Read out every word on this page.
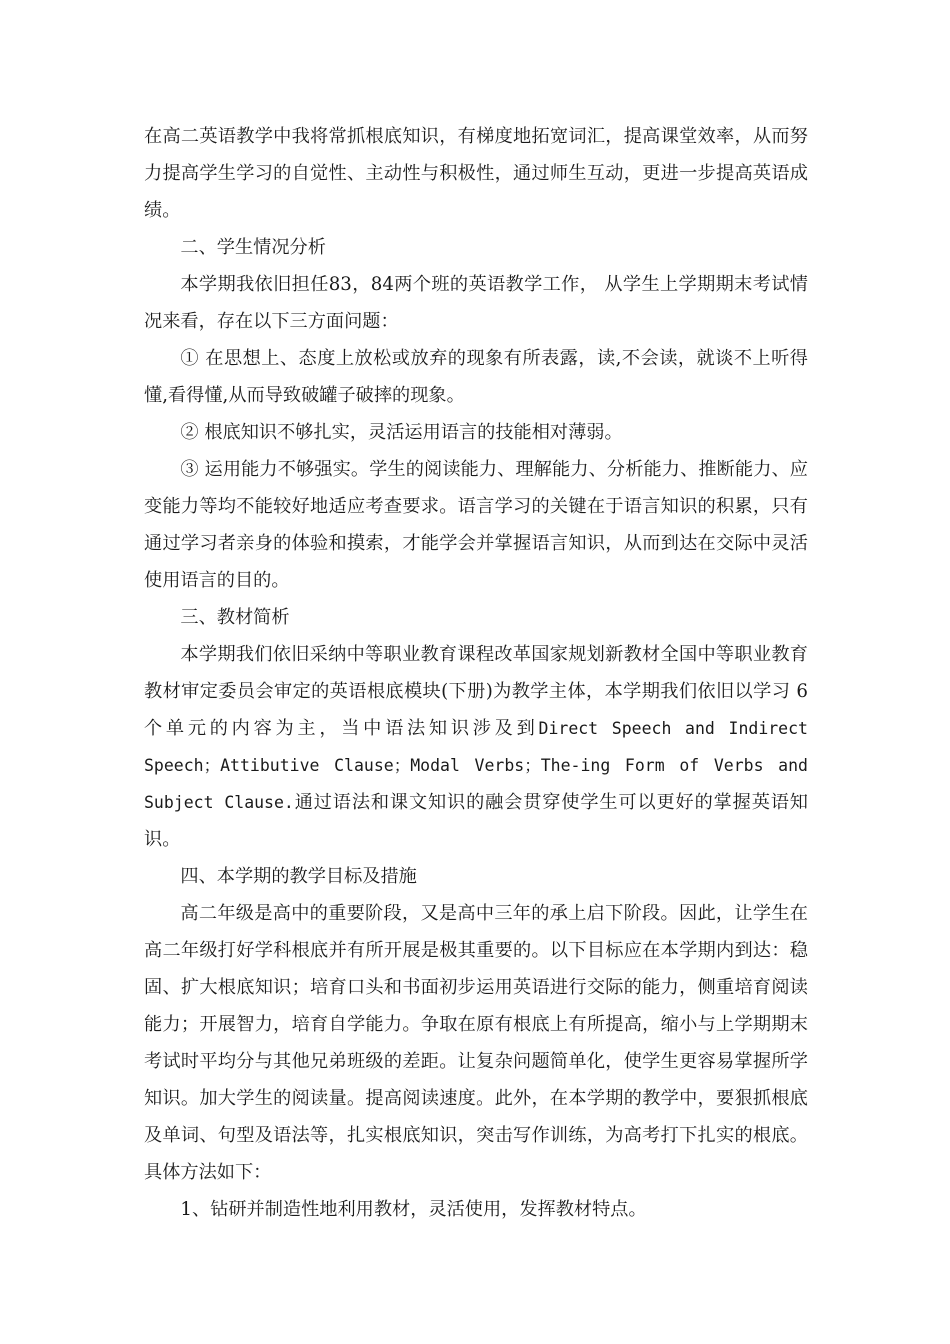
在高二英语教学中我将常抓根底知识，有梯度地拓宽词汇，提高课堂效率，从而努力提高学生学习的自觉性、主动性与积极性，通过师生互动，更进一步提高英语成绩。

二、学生情况分析

本学期我依旧担任83，84两个班的英语教学工作， 从学生上学期期末考试情况来看，存在以下三方面问题：

① 在思想上、态度上放松或放弃的现象有所表露，读,不会读，就谈不上听得懂,看得懂,从而导致破罐子破摔的现象。

② 根底知识不够扎实，灵活运用语言的技能相对薄弱。

③ 运用能力不够强实。学生的阅读能力、理解能力、分析能力、推断能力、应变能力等均不能较好地适应考查要求。语言学习的关键在于语言知识的积累，只有通过学习者亲身的体验和摸索，才能学会并掌握语言知识，从而到达在交际中灵活使用语言的目的。

三、教材简析

本学期我们依旧采纳中等职业教育课程改革国家规划新教材全国中等职业教育教材审定委员会审定的英语根底模块(下册)为教学主体，本学期我们依旧以学习 6 个单元的内容为主，当中语法知识涉及到Direct Speech and Indirect Speech；Attibutive Clause；Modal Verbs；The-ing Form of Verbs and Subject Clause.通过语法和课文知识的融会贯穿使学生可以更好的掌握英语知识。

四、本学期的教学目标及措施

高二年级是高中的重要阶段，又是高中三年的承上启下阶段。因此，让学生在高二年级打好学科根底并有所开展是极其重要的。以下目标应在本学期内到达：稳固、扩大根底知识；培育口头和书面初步运用英语进行交际的能力，侧重培育阅读能力；开展智力，培育自学能力。争取在原有根底上有所提高，缩小与上学期期末考试时平均分与其他兄弟班级的差距。让复杂问题简单化，使学生更容易掌握所学知识。加大学生的阅读量。提高阅读速度。此外，在本学期的教学中，要狠抓根底及单词、句型及语法等，扎实根底知识，突击写作训练，为高考打下扎实的根底。具体方法如下：

1、钻研并制造性地利用教材，灵活使用，发挥教材特点。
